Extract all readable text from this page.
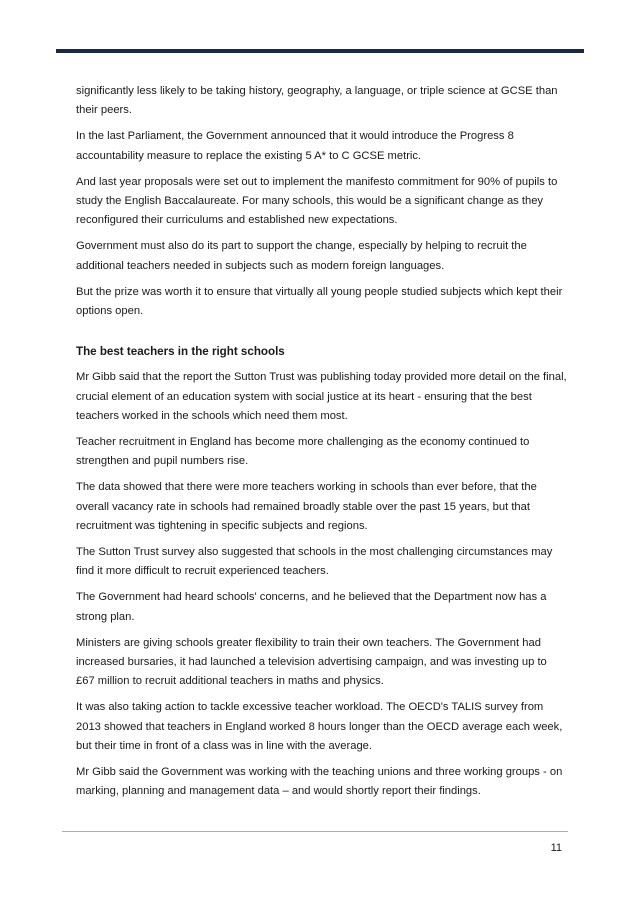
significantly less likely to be taking history, geography, a language, or triple science at GCSE than their peers.

In the last Parliament, the Government announced that it would introduce the Progress 8 accountability measure to replace the existing 5 A* to C GCSE metric.

And last year proposals were set out to implement the manifesto commitment for 90% of pupils to study the English Baccalaureate. For many schools, this would be a significant change as they reconfigured their curriculums and established new expectations.

Government must also do its part to support the change, especially by helping to recruit the additional teachers needed in subjects such as modern foreign languages.

But the prize was worth it to ensure that virtually all young people studied subjects which kept their options open.

The best teachers in the right schools

Mr Gibb said that the report the Sutton Trust was publishing today provided more detail on the final, crucial element of an education system with social justice at its heart - ensuring that the best teachers worked in the schools which need them most.

Teacher recruitment in England has become more challenging as the economy continued to strengthen and pupil numbers rise.

The data showed that there were more teachers working in schools than ever before, that the overall vacancy rate in schools had remained broadly stable over the past 15 years, but that recruitment was tightening in specific subjects and regions.

The Sutton Trust survey also suggested that schools in the most challenging circumstances may find it more difficult to recruit experienced teachers.

The Government had heard schools' concerns, and he believed that the Department now has a strong plan.

Ministers are giving schools greater flexibility to train their own teachers. The Government had increased bursaries, it had launched a television advertising campaign, and was investing up to £67 million to recruit additional teachers in maths and physics.

It was also taking action to tackle excessive teacher workload. The OECD's TALIS survey from 2013 showed that teachers in England worked 8 hours longer than the OECD average each week, but their time in front of a class was in line with the average.

Mr Gibb said the Government was working with the teaching unions and three working groups - on marking, planning and management data – and would shortly report their findings.

11
